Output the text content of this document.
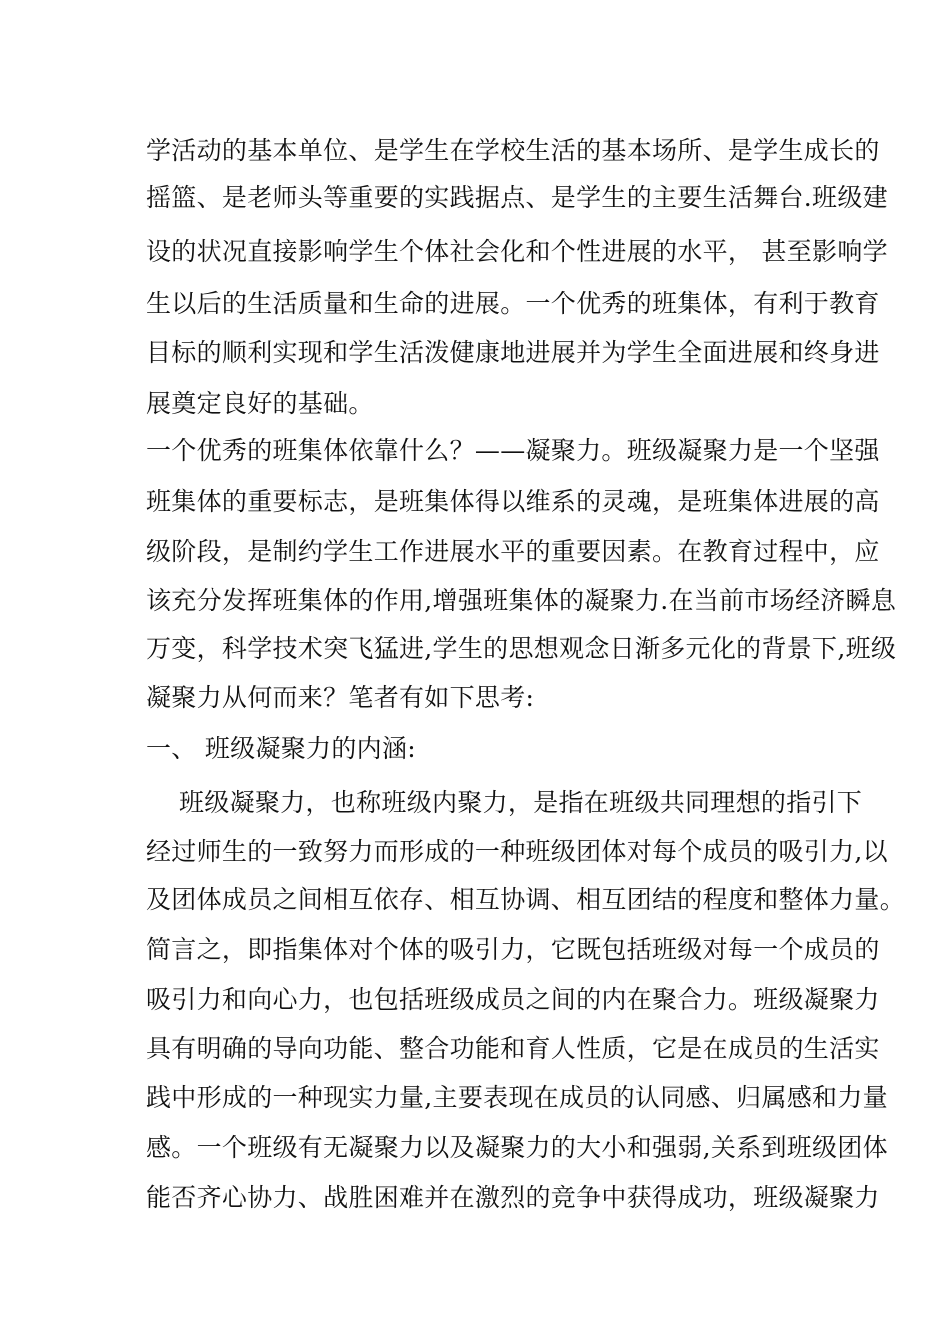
学活动的基本单位、是学生在学校生活的基本场所、是学生成长的
摇篮、是老师头等重要的实践据点、是学生的主要生活舞台.班级建
设的状况直接影响学生个体社会化和个性进展的水平， 甚至影响学
生以后的生活质量和生命的进展。一个优秀的班集体，有利于教育
目标的顺利实现和学生活泼健康地进展并为学生全面进展和终身进
展奠定良好的基础。
一个优秀的班集体依靠什么？——凝聚力。班级凝聚力是一个坚强
班集体的重要标志，是班集体得以维系的灵魂，是班集体进展的高
级阶段，是制约学生工作进展水平的重要因素。在教育过程中，应
该充分发挥班集体的作用,增强班集体的凝聚力.在当前市场经济瞬息
万变，科学技术突飞猛进,学生的思想观念日渐多元化的背景下,班级
凝聚力从何而来？笔者有如下思考:
一、 班级凝聚力的内涵:
班级凝聚力，也称班级内聚力，是指在班级共同理想的指引下
经过师生的一致努力而形成的一种班级团体对每个成员的吸引力,以
及团体成员之间相互依存、相互协调、相互团结的程度和整体力量。
简言之，即指集体对个体的吸引力，它既包括班级对每一个成员的
吸引力和向心力，也包括班级成员之间的内在聚合力。班级凝聚力
具有明确的导向功能、整合功能和育人性质，它是在成员的生活实
践中形成的一种现实力量,主要表现在成员的认同感、归属感和力量
感。一个班级有无凝聚力以及凝聚力的大小和强弱,关系到班级团体
能否齐心协力、战胜困难并在激烈的竞争中获得成功，班级凝聚力
